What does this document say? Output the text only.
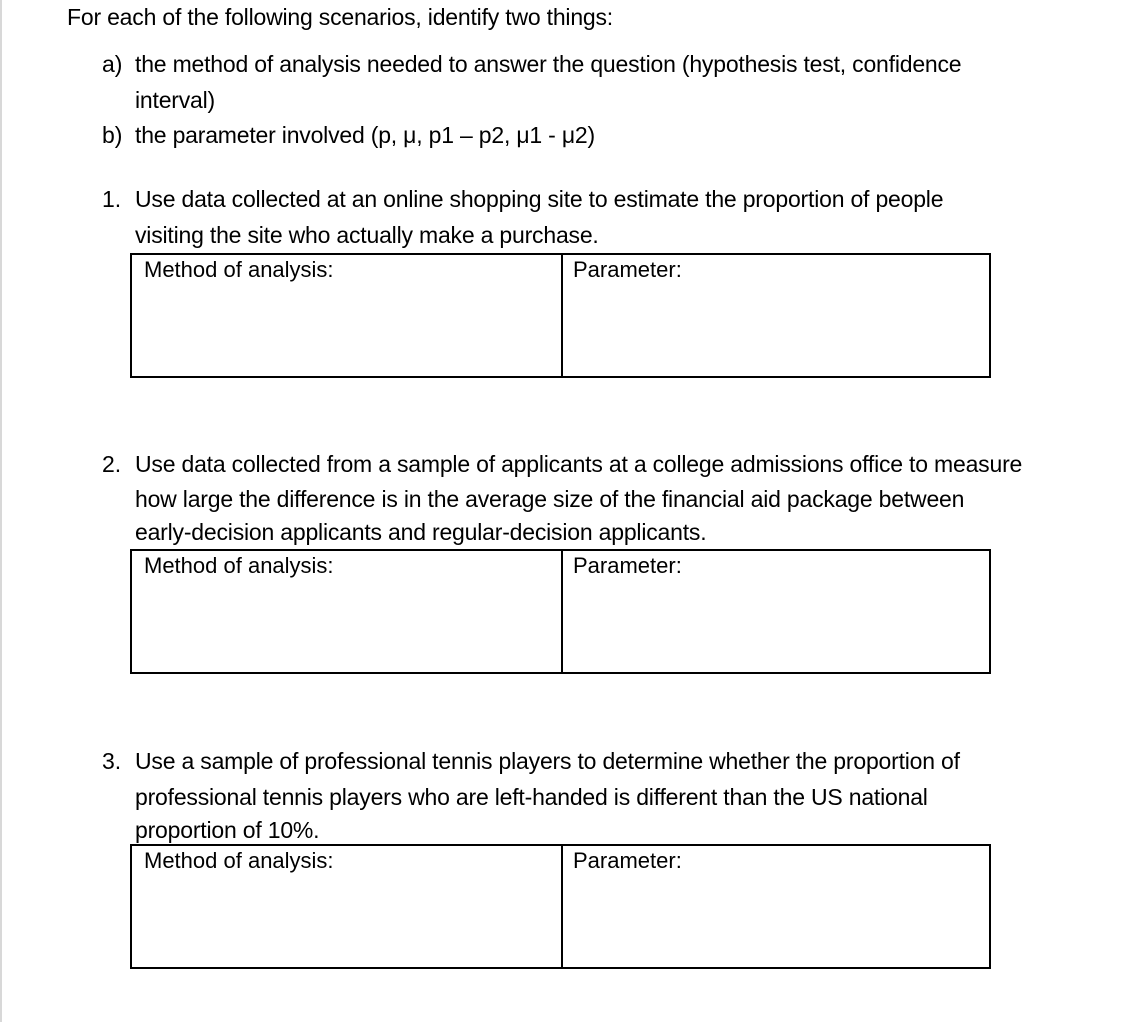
For each of the following scenarios, identify two things:
a) the method of analysis needed to answer the question (hypothesis test, confidence
interval)
b) the parameter involved (p, μ, p1 – p2, μ1 - μ2)
1. Use data collected at an online shopping site to estimate the proportion of people
visiting the site who actually make a purchase.
Method of analysis:	Parameter:
2. Use data collected from a sample of applicants at a college admissions office to measure
how large the difference is in the average size of the financial aid package between
early-decision applicants and regular-decision applicants.
Method of analysis:	Parameter:
3. Use a sample of professional tennis players to determine whether the proportion of
professional tennis players who are left-handed is different than the US national
proportion of 10%.
Method of analysis:	Parameter:
